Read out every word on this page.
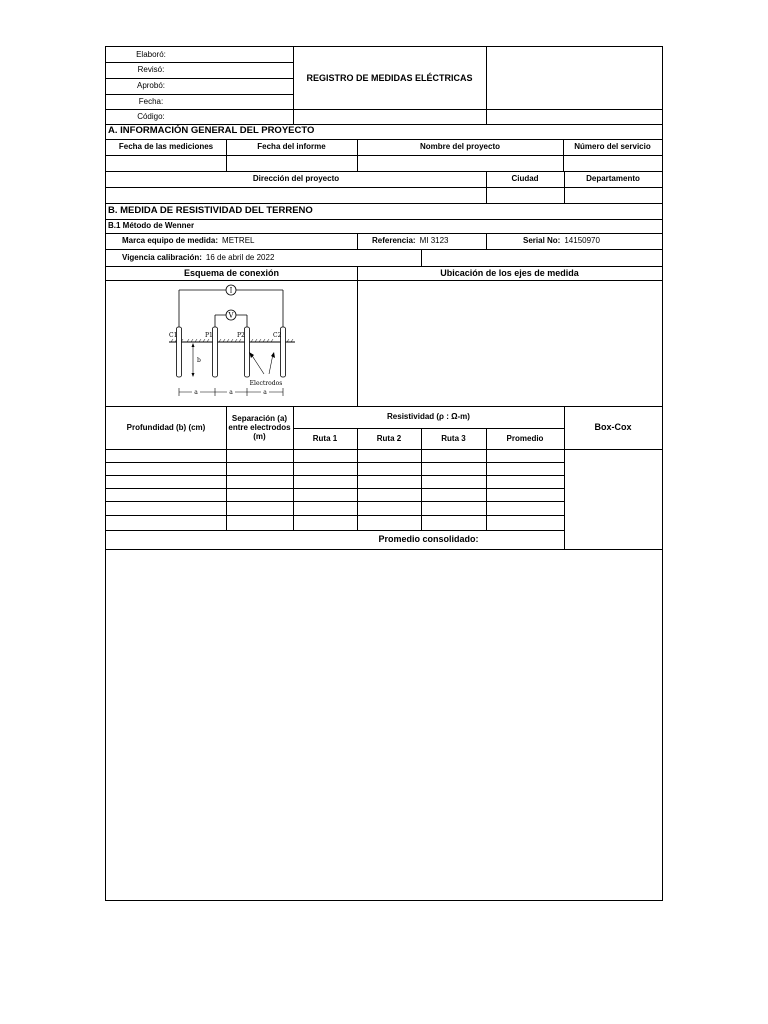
Elaboró:
Revisó:
Aprobó:
Fecha:
Código:
REGISTRO DE MEDIDAS ELÉCTRICAS
A. INFORMACIÓN GENERAL DEL PROYECTO
Fecha de las mediciones	Fecha del informe	Nombre del proyecto	Número del servicio
Dirección del proyecto	Ciudad	Departamento
B. MEDIDA DE RESISTIVIDAD DEL TERRENO
B.1 Método de Wenner
Marca equipo de medida: METREL	Referencia: MI 3123	Serial No: 14150970
Vigencia calibración: 16 de abril de 2022
Esquema de conexión	Ubicación de los ejes de medida
I
V
C1	P1	P2	C2
b
Electrodos
a	a	a
Profundidad (b) (cm)
Separación (a) entre electrodos (m)
Resistividad (ρ : Ω-m)
Ruta 1	Ruta 2	Ruta 3	Promedio
Box-Cox
Promedio consolidado:
